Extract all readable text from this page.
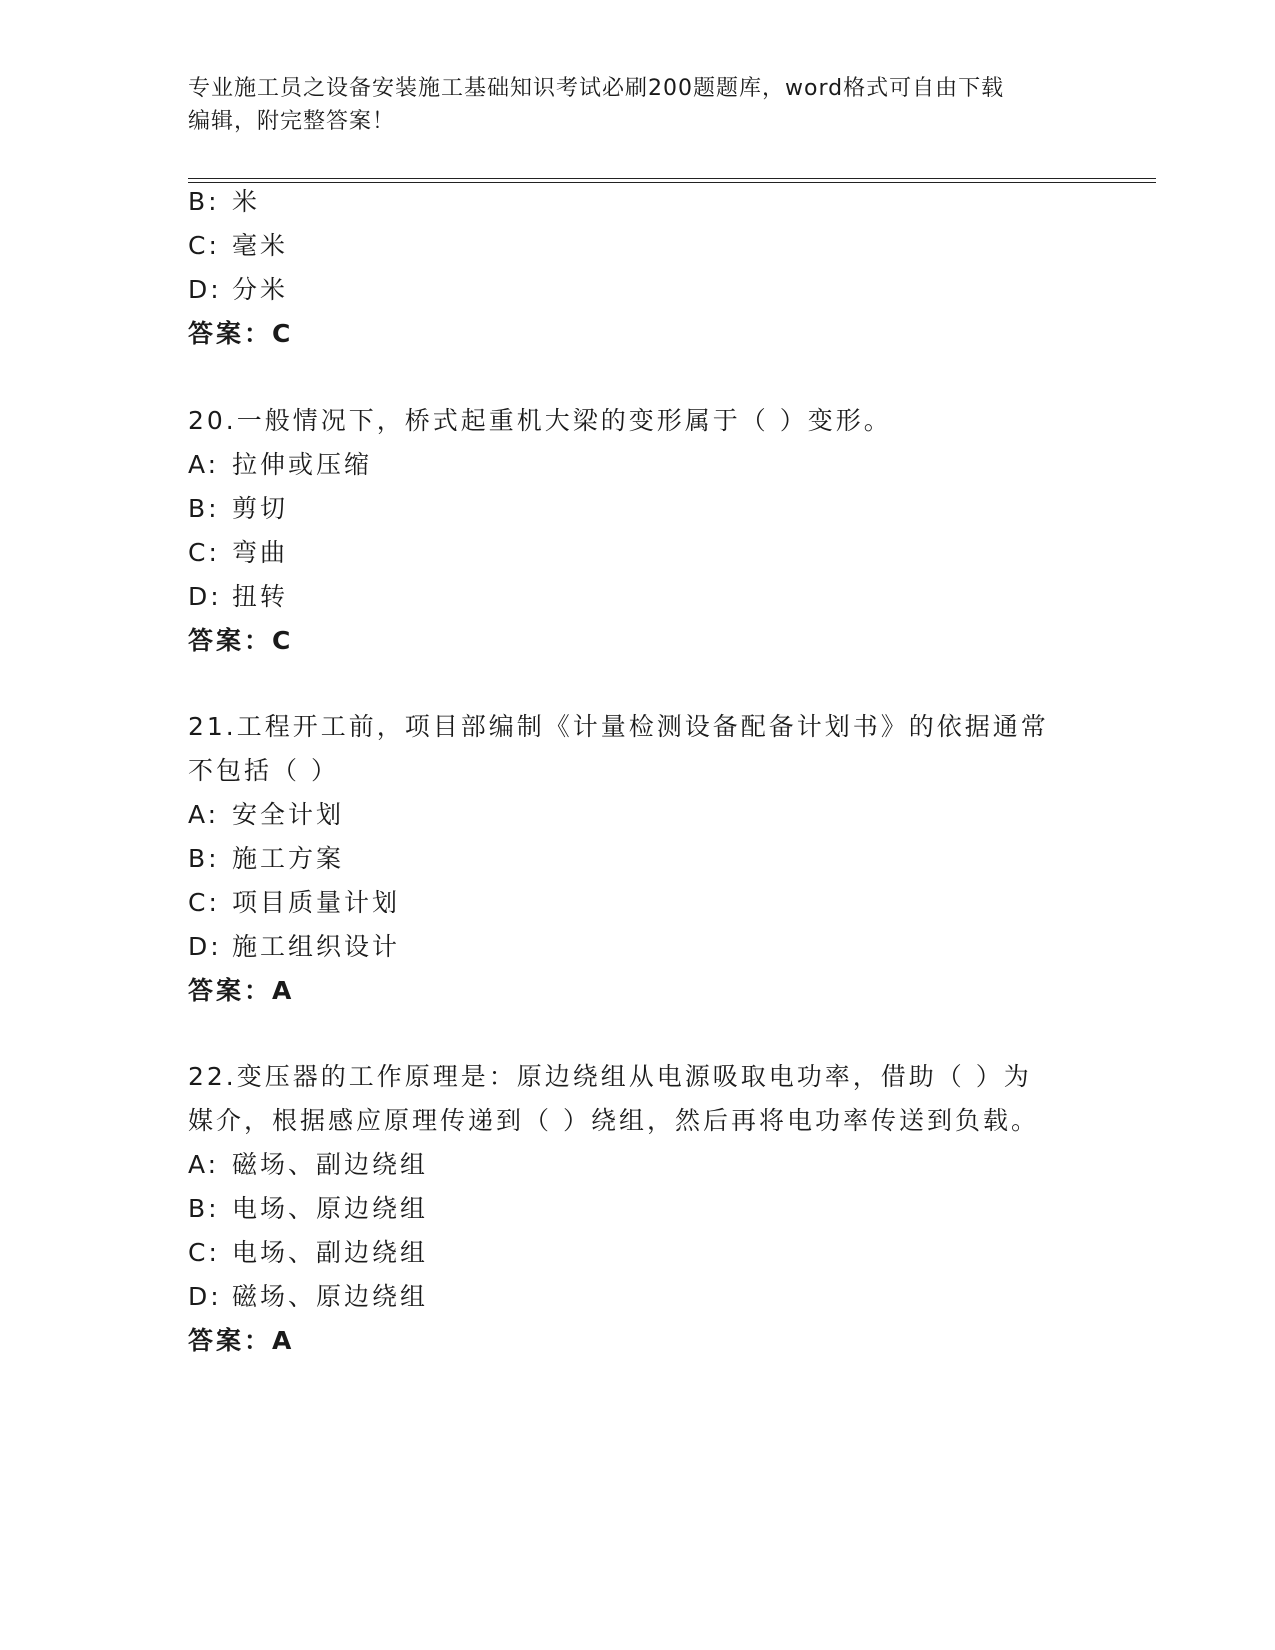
专业施工员之设备安装施工基础知识考试必刷200题题库，word格式可自由下载
编辑，附完整答案！
B: 米
C: 毫米
D: 分米
答案：C
20.一般情况下，桥式起重机大梁的变形属于（ ）变形。
A: 拉伸或压缩
B: 剪切
C: 弯曲
D: 扭转
答案：C
21.工程开工前，项目部编制《计量检测设备配备计划书》的依据通常
不包括（ ）
A: 安全计划
B: 施工方案
C: 项目质量计划
D: 施工组织设计
答案：A
22.变压器的工作原理是：原边绕组从电源吸取电功率，借助（ ）为
媒介，根据感应原理传递到（ ）绕组，然后再将电功率传送到负载。
A: 磁场、副边绕组
B: 电场、原边绕组
C: 电场、副边绕组
D: 磁场、原边绕组
答案：A
